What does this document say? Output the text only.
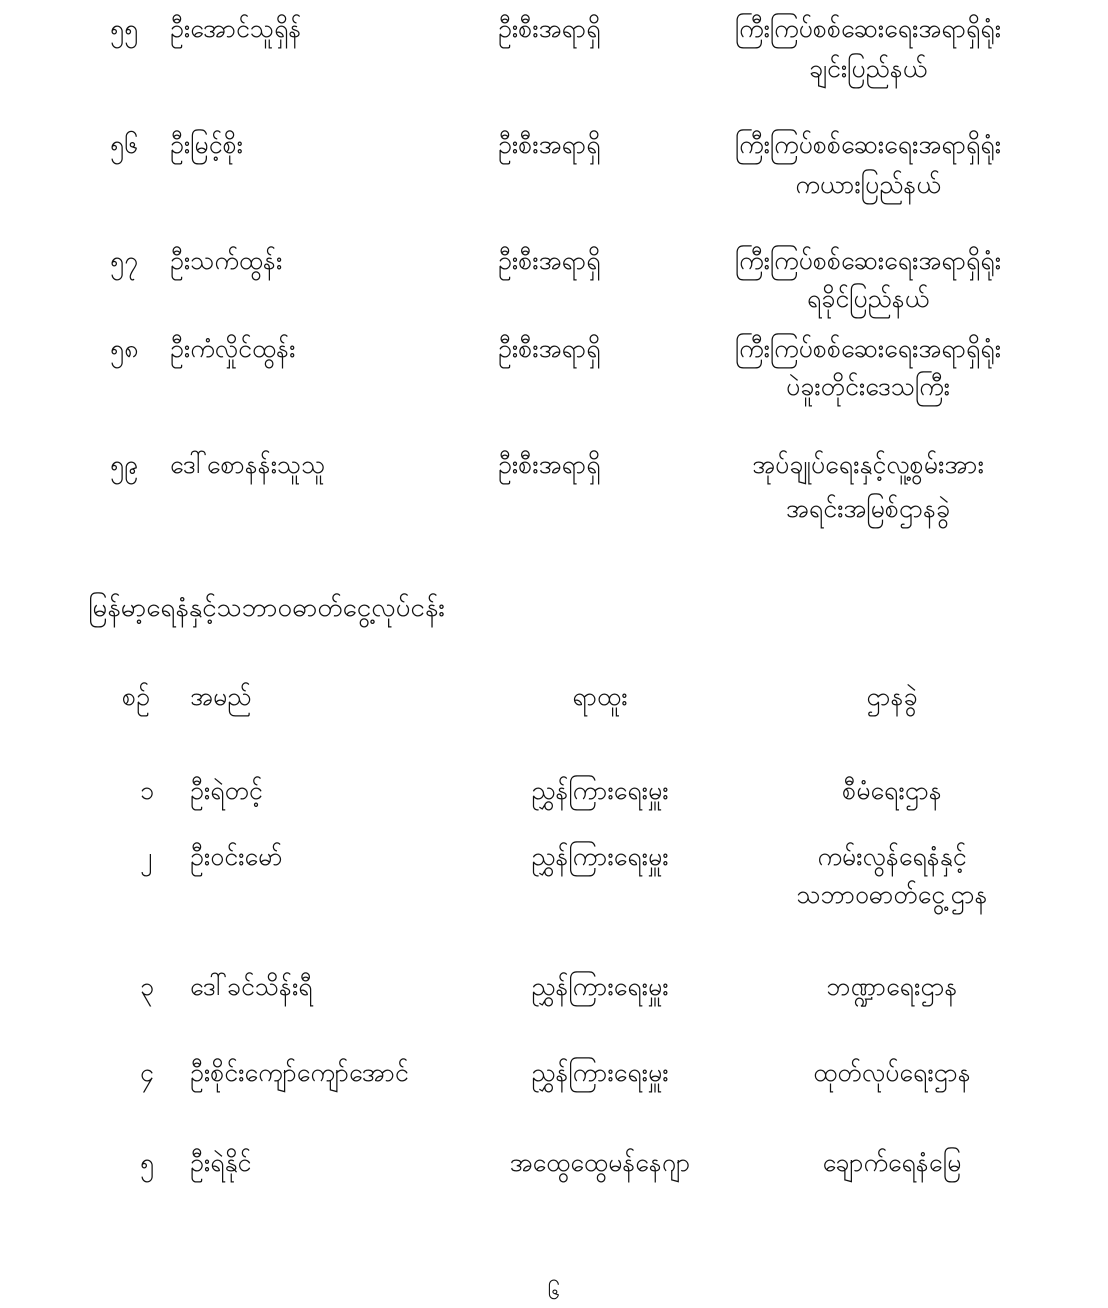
၅၅ ဦးအောင်သူရှိန်	ဦးစီးအရာရှိ	ကြီးကြပ်စစ်ဆေးရေးအရာရှိရုံး
ချင်းပြည်နယ်
၅၆ ဦးမြင့်စိုး	ဦးစီးအရာရှိ	ကြီးကြပ်စစ်ဆေးရေးအရာရှိရုံး
ကယားပြည်နယ်
၅၇ ဦးသက်ထွန်း	ဦးစီးအရာရှိ	ကြီးကြပ်စစ်ဆေးရေးအရာရှိရုံး
ရခိုင်ပြည်နယ်
၅၈ ဦးကံလှိုင်ထွန်း	ဦးစီးအရာရှိ	ကြီးကြပ်စစ်ဆေးရေးအရာရှိရုံး
ပဲခူးတိုင်းဒေသကြီး
၅၉ ဒေါ်စောနန်းသူသူ	ဦးစီးအရာရှိ	အုပ်ချုပ်ရေးနှင့်လူ့စွမ်းအား
အရင်းအမြစ်ဌာနခွဲ
မြန်မာ့ရေနံနှင့်သဘာဝဓာတ်ငွေ့လုပ်ငန်း
စဥ် အမည်	ရာထူး	ဌာနခွဲ
၁ ဦးရဲတင့်	ညွှန်ကြားရေးမှူး	စီမံရေးဌာန
၂ ဦးဝင်းမော်	ညွှန်ကြားရေးမှူး	ကမ်းလွန်ရေနံနှင့်
သဘာဝဓာတ်ငွေ့ဌာန
၃ ဒေါ်ခင်သိန်းရီ	ညွှန်ကြားရေးမှူး	ဘဏ္ဍာရေးဌာန
၄ ဦးစိုင်းကျော်ကျော်အောင်	ညွှန်ကြားရေးမှူး	ထုတ်လုပ်ရေးဌာန
၅ ဦးရဲနိုင်	အထွေထွေမန်နေဂျာ	ချောက်ရေနံမြေ
၆
